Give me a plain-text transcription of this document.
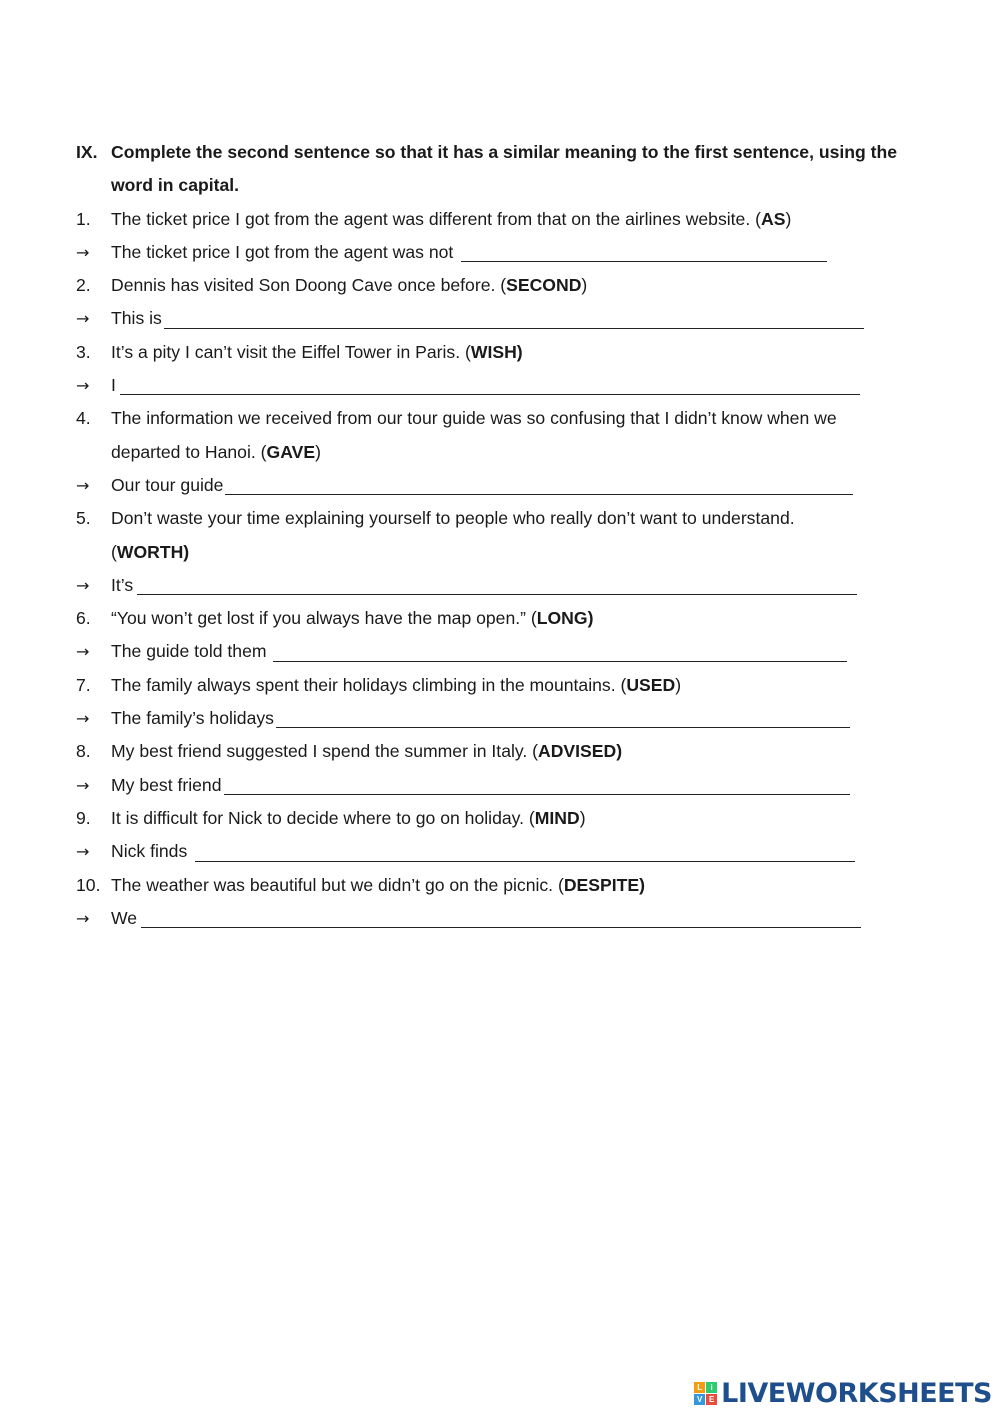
IX. Complete the second sentence so that it has a similar meaning to the first sentence, using the
word in capital.
1.	The ticket price I got from the agent was different from that on the airlines website. (AS)
→	The ticket price I got from the agent was not
2.	Dennis has visited Son Doong Cave once before. (SECOND)
→	This is
3.	It’s a pity I can’t visit the Eiffel Tower in Paris. (WISH)
→	I
4.	The information we received from our tour guide was so confusing that I didn’t know when we
departed to Hanoi. (GAVE)
→	Our tour guide
5.	Don’t waste your time explaining yourself to people who really don’t want to understand.
(WORTH)
→	It’s
6.	“You won’t get lost if you always have the map open.” (LONG)
→	The guide told them
7.	The family always spent their holidays climbing in the mountains. (USED)
→	The family’s holidays
8.	My best friend suggested I spend the summer in Italy. (ADVISED)
→	My best friend
9.	It is difficult for Nick to decide where to go on holiday. (MIND)
→	Nick finds
10. The weather was beautiful but we didn’t go on the picnic. (DESPITE)
→	We
L	i
V E LIVEWORKSHEETS
